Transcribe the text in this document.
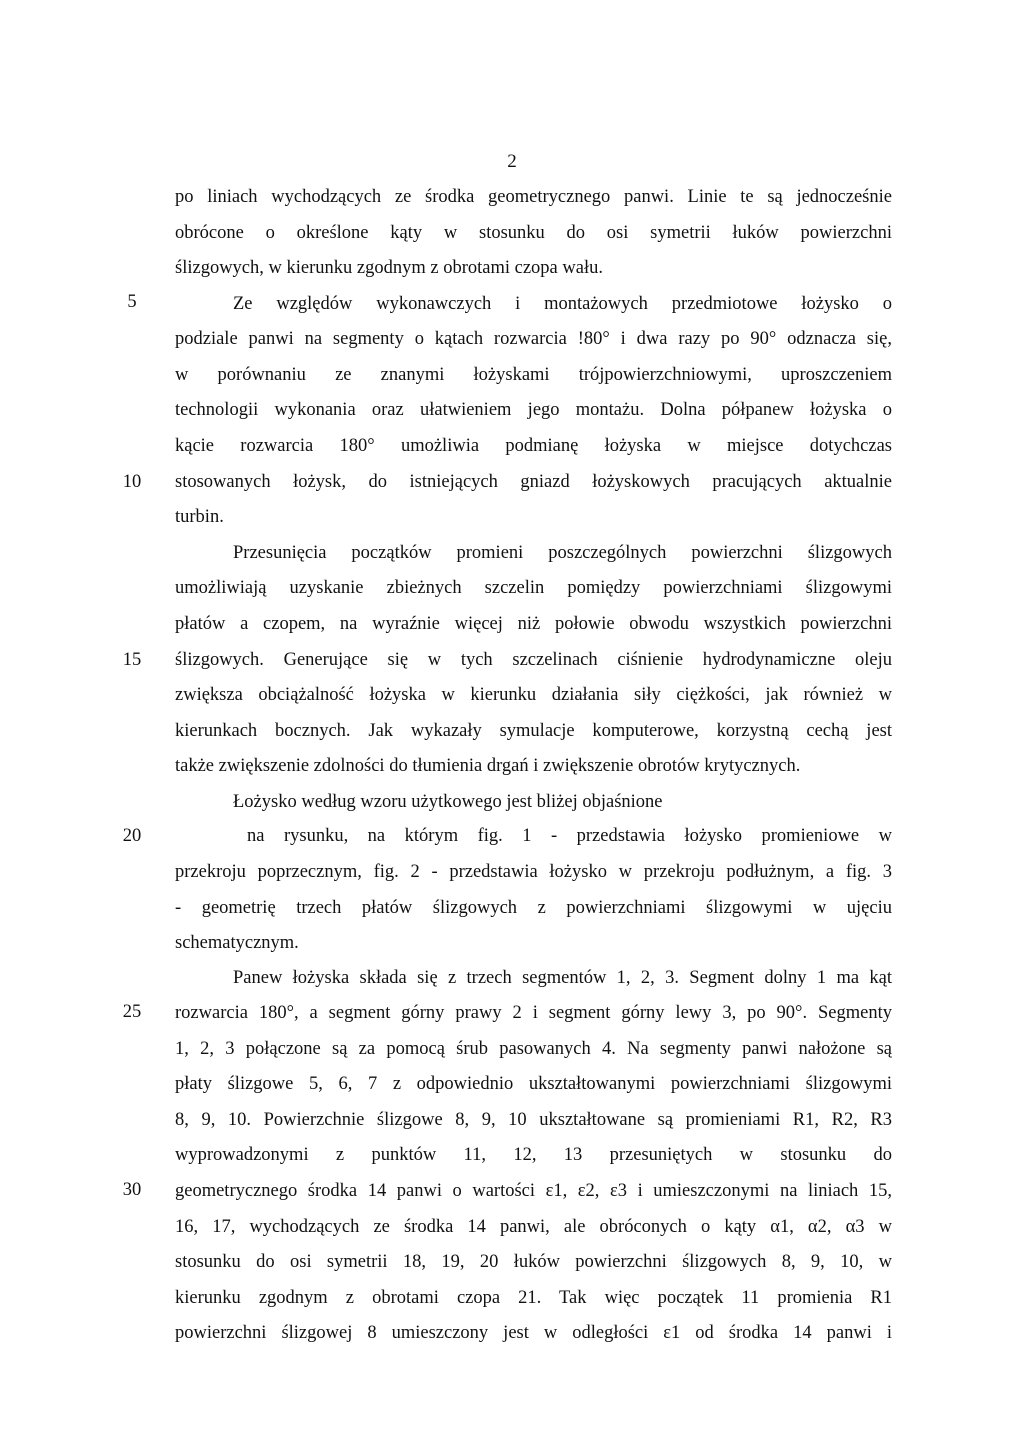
2
5
10
15
20
25
30
po liniach wychodzących ze środka geometrycznego panwi. Linie te są jednocześnie
obrócone o określone kąty w stosunku do osi symetrii łuków powierzchni
ślizgowych, w kierunku zgodnym z obrotami czopa wału.
Ze względów wykonawczych i montażowych przedmiotowe łożysko o
podziale panwi na segmenty o kątach rozwarcia !80° i dwa razy po 90° odznacza się,
w porównaniu ze znanymi łożyskami trójpowierzchniowymi, uproszczeniem
technologii wykonania oraz ułatwieniem jego montażu. Dolna półpanew łożyska o
kącie rozwarcia 180° umożliwia podmianę łożyska w miejsce dotychczas
stosowanych łożysk, do istniejących gniazd łożyskowych pracujących aktualnie
turbin.
Przesunięcia początków promieni poszczególnych powierzchni ślizgowych
umożliwiają uzyskanie zbieżnych szczelin pomiędzy powierzchniami ślizgowymi
płatów a czopem, na wyraźnie więcej niż połowie obwodu wszystkich powierzchni
ślizgowych. Generujące się w tych szczelinach ciśnienie hydrodynamiczne oleju
zwiększa obciążalność łożyska w kierunku działania siły ciężkości, jak również w
kierunkach bocznych. Jak wykazały symulacje komputerowe, korzystną cechą jest
także zwiększenie zdolności do tłumienia drgań i zwiększenie obrotów krytycznych.
Łożysko według wzoru użytkowego jest bliżej objaśnione
na rysunku, na którym fig. 1 - przedstawia łożysko promieniowe w
przekroju poprzecznym, fig. 2 - przedstawia łożysko w przekroju podłużnym, a fig. 3
- geometrię trzech płatów ślizgowych z powierzchniami ślizgowymi w ujęciu
schematycznym.
Panew łożyska składa się z trzech segmentów 1, 2, 3. Segment dolny 1 ma kąt
rozwarcia 180°, a segment górny prawy 2 i segment górny lewy 3, po 90°. Segmenty
1, 2, 3 połączone są za pomocą śrub pasowanych 4. Na segmenty panwi nałożone są
płaty ślizgowe 5, 6, 7 z odpowiednio ukształtowanymi powierzchniami ślizgowymi
8, 9, 10. Powierzchnie ślizgowe 8, 9, 10 ukształtowane są promieniami R1, R2, R3
wyprowadzonymi z punktów 11, 12, 13 przesuniętych w stosunku do
geometrycznego środka 14 panwi o wartości ε1, ε2, ε3 i umieszczonymi na liniach 15,
16, 17, wychodzących ze środka 14 panwi, ale obróconych o kąty α1, α2, α3 w
stosunku do osi symetrii 18, 19, 20 łuków powierzchni ślizgowych 8, 9, 10, w
kierunku zgodnym z obrotami czopa 21. Tak więc początek 11 promienia R1
powierzchni ślizgowej 8 umieszczony jest w odległości ε1 od środka 14 panwi i
